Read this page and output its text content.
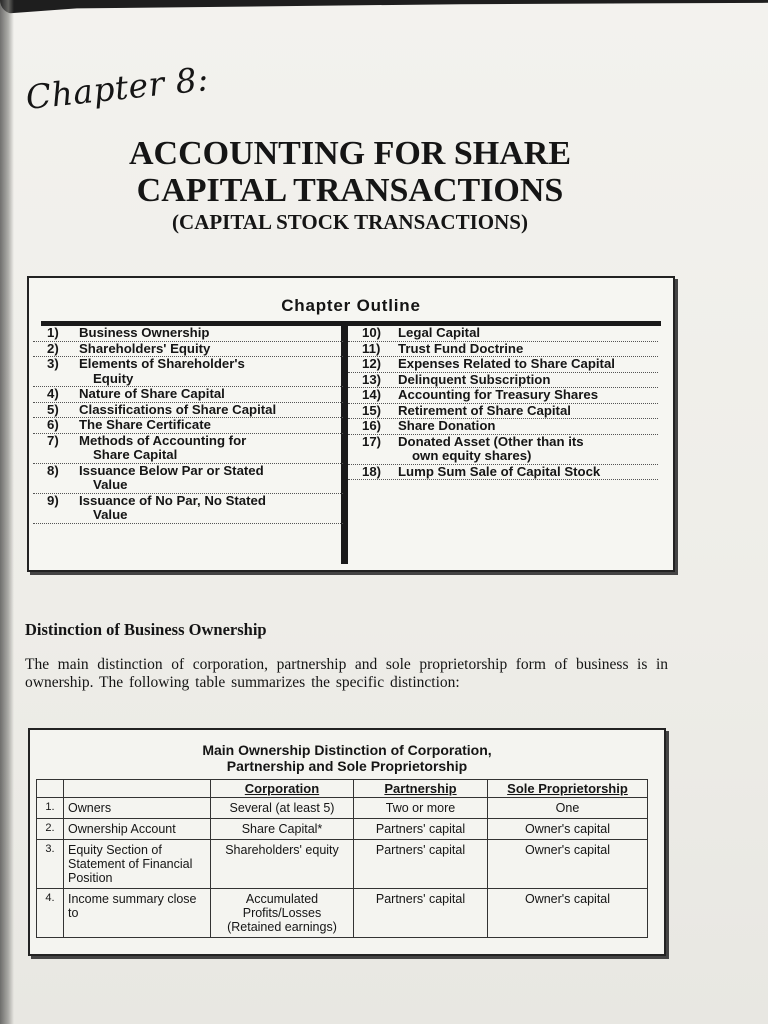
Chapter 8:
ACCOUNTING FOR SHARE
CAPITAL TRANSACTIONS
(CAPITAL STOCK TRANSACTIONS)
Chapter Outline
1)	Business Ownership
2)	Shareholders' Equity
3)	Elements of Shareholder's
Equity
4)	Nature of Share Capital
5)	Classifications of Share Capital
6)	The Share Certificate
7)	Methods of Accounting for
Share Capital
8)	Issuance Below Par or Stated
Value
9)	Issuance of No Par, No Stated
Value
10)	Legal Capital
11)	Trust Fund Doctrine
12)	Expenses Related to Share Capital
13)	Delinquent Subscription
14)	Accounting for Treasury Shares
15)	Retirement of Share Capital
16)	Share Donation
17)	Donated Asset (Other than its
own equity shares)
18)	Lump Sum Sale of Capital Stock
Distinction of Business Ownership
The main distinction of corporation, partnership and sole proprietorship form of business is in ownership. The following table summarizes the specific distinction:
Main Ownership Distinction of Corporation,
Partnership and Sole Proprietorship
		Corporation	Partnership	Sole Proprietorship
1.	Owners	Several (at least 5)	Two or more	One
2.	Ownership Account	Share Capital*	Partners' capital	Owner's capital
3.	Equity Section of Statement of Financial Position	Shareholders' equity	Partners' capital	Owner's capital
4.	Income summary close to	Accumulated Profits/Losses (Retained earnings)	Partners' capital	Owner's capital
